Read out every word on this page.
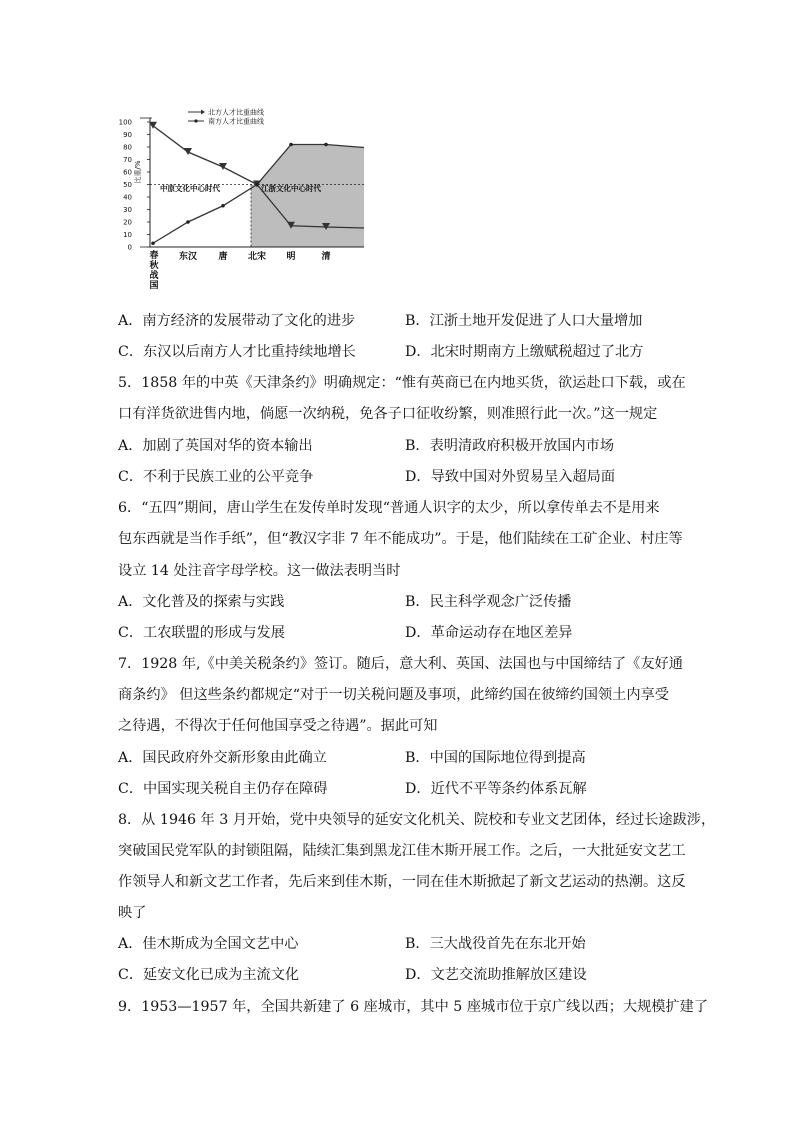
0
10
20
30
40
50
60
70
80
90
100
比重/%
春
秋
战
国
东汉 唐 北宋 明	清
中原文化中心时代	江浙文化中心时代
北方人才比重曲线
南方人才比重曲线
A．南方经济的发展带动了文化的进步	B．江浙土地开发促进了人口大量增加
C．东汉以后南方人才比重持续地增长	D．北宋时期南方上缴赋税超过了北方
5．1858 年的中英《天津条约》明确规定：“惟有英商已在内地买货，欲运赴口下载，或在
口有洋货欲进售内地，倘愿一次纳税，免各子口征收纷繁，则准照行此一次。”这一规定
A．加剧了英国对华的资本输出	B．表明清政府积极开放国内市场
C．不利于民族工业的公平竞争	D．导致中国对外贸易呈入超局面
6．“五四”期间，唐山学生在发传单时发现“普通人识字的太少，所以拿传单去不是用来
包东西就是当作手纸”，但“教汉字非 7 年不能成功”。于是，他们陆续在工矿企业、村庄等
设立 14 处注音字母学校。这一做法表明当时
A．文化普及的探索与实践	B．民主科学观念广泛传播
C．工农联盟的形成与发展	D．革命运动存在地区差异
7．1928 年,《中美关税条约》签订。随后，意大利、英国、法国也与中国缔结了《友好通
商条约》 但这些条约都规定“对于一切关税问题及事项，此缔约国在彼缔约国领土内享受
之待遇，不得次于任何他国享受之待遇”。据此可知
A．国民政府外交新形象由此确立	B．中国的国际地位得到提高
C．中国实现关税自主仍存在障碍	D．近代不平等条约体系瓦解
8．从 1946 年 3 月开始，党中央领导的延安文化机关、院校和专业文艺团体，经过长途跋涉，
突破国民党军队的封锁阻隔，陆续汇集到黑龙江佳木斯开展工作。之后，一大批延安文艺工
作领导人和新文艺工作者，先后来到佳木斯，一同在佳木斯掀起了新文艺运动的热潮。这反
映了
A．佳木斯成为全国文艺中心	B．三大战役首先在东北开始
C．延安文化已成为主流文化	D．文艺交流助推解放区建设
9．1953—1957 年，全国共新建了 6 座城市，其中 5 座城市位于京广线以西；大规模扩建了
